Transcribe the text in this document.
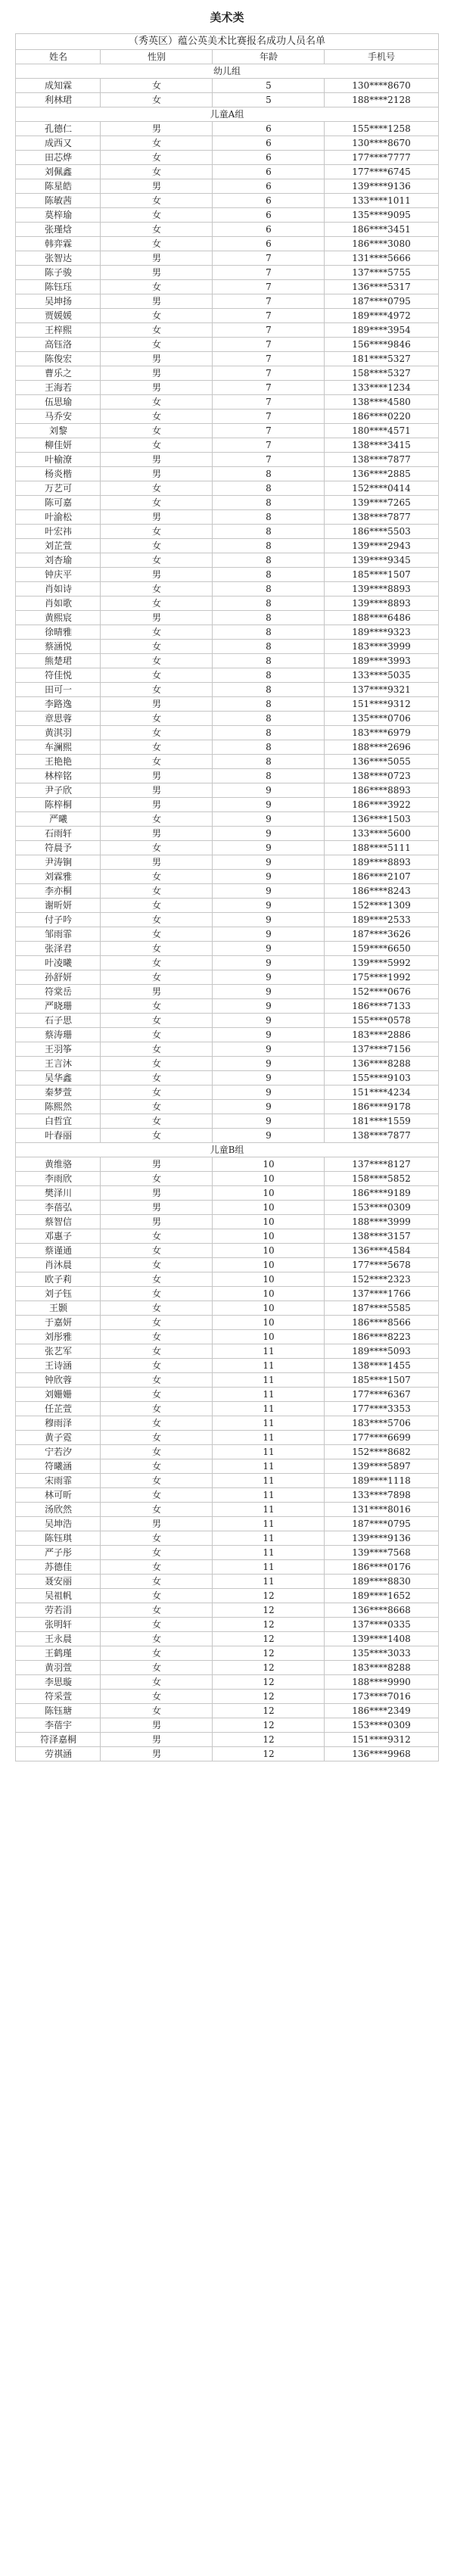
美术类
（秀英区）蕴公英美术比赛报名成功人员名单			
姓名	性别	年龄	手机号
幼儿组			
成知霖	女	5	130****8670
利林珺	女	5	188****2128
儿童A组			
孔德仁	男	6	155****1258
成西又	女	6	130****8670
田芯烨	女	6	177****7777
刘佩鑫	女	6	177****6745
陈星皓	男	6	139****9136
陈敏茜	女	6	133****1011
莫梓瑜	女	6	135****9095
张瑾焓	女	6	186****3451
韩弈霖	女	6	186****3080
张智达	男	7	131****5666
陈子骏	男	7	137****5755
陈钰珏	女	7	136****5317
吴坤扬	男	7	187****0795
贾媛媛	女	7	189****4972
王梓熙	女	7	189****3954
高钰洛	女	7	156****9846
陈俊宏	男	7	181****5327
曹乐之	男	7	158****5327
王海若	男	7	133****1234
伍思瑜	女	7	138****4580
马乔安	女	7	186****0220
刘黎	女	7	180****4571
柳佳妍	女	7	138****3415
叶榆潦	男	7	138****7877
杨炎楷	男	8	136****2885
万艺可	女	8	152****0414
陈可嘉	女	8	139****7265
叶渝松	男	8	138****7877
叶宏祎	女	8	186****5503
刘芷萱	女	8	139****2943
刘杏瑜	女	8	139****9345
钟庆平	男	8	185****1507
肖如诗	女	8	139****8893
肖如歌	女	8	139****8893
黄熙宸	男	8	188****6486
徐晴雅	女	8	189****9323
蔡涵悦	女	8	183****3999
熊楚珺	女	8	189****3993
符佳悦	女	8	133****5035
田可一	女	8	137****9321
李路逸	男	8	151****9312
章思蓉	女	8	135****0706
黄淇羽	女	8	183****6979
车澜熙	女	8	188****2696
王艳艳	女	8	136****5055
林梓铭	男	8	138****0723
尹子欣	男	9	186****8893
陈梓桐	男	9	186****3922
严曦	女	9	136****1503
石雨轩	男	9	133****5600
符晨予	女	9	188****5111
尹涛锏	男	9	189****8893
刘霖雅	女	9	186****2107
李亦桐	女	9	186****8243
谢昕妍	女	9	152****1309
付子吟	女	9	189****2533
邹雨霏	女	9	187****3626
张泽君	女	9	159****6650
叶凌曦	女	9	139****5992
孙舒妍	女	9	175****1992
符棠岳	男	9	152****0676
严晓珊	女	9	186****7133
石子思	女	9	155****0578
蔡涛珊	女	9	183****2886
王羽筝	女	9	137****7156
王言沐	女	9	136****8288
吴华鑫	女	9	155****9103
秦梦萱	女	9	151****4234
陈熙然	女	9	186****9178
白哲宜	女	9	181****1559
叶春丽	女	9	138****7877
儿童B组			
黄维骆	男	10	137****8127
李雨欣	女	10	158****5852
樊泽川	男	10	186****9189
李蓓弘	男	10	153****0309
蔡智信	男	10	188****3999
邓惠子	女	10	138****3157
蔡谨通	女	10	136****4584
肖沐晨	女	10	177****5678
欧子莉	女	10	152****2323
刘子钰	女	10	137****1766
王颢	女	10	187****5585
于嘉妍	女	10	186****8566
刘彤雅	女	10	186****8223
张艺军	女	11	189****5093
王诗涵	女	11	138****1455
钟欣蓉	女	11	185****1507
刘姗姗	女	11	177****6367
任芷萱	女	11	177****3353
穆雨泽	女	11	183****5706
黄子霓	女	11	177****6699
宁若汐	女	11	152****8682
符曦涵	女	11	139****5897
宋雨霏	女	11	189****1118
林可昕	女	11	133****7898
汤欣然	女	11	131****8016
吴坤浩	男	11	187****0795
陈钰琪	女	11	139****9136
严子彤	女	11	139****7568
苏德佳	女	11	186****0176
聂安丽	女	11	189****8830
吴祖帆	女	12	189****1652
劳若涓	女	12	136****8668
张明轩	女	12	137****0335
王永晨	女	12	139****1408
王鹤瑾	女	12	135****3033
黄羽萱	女	12	183****8288
李思璇	女	12	188****9990
符采萱	女	12	173****7016
陈钰瑭	女	12	186****2349
李蓓宇	男	12	153****0309
符泽嘉桐	男	12	151****9312
劳祺涵	男	12	136****9968
